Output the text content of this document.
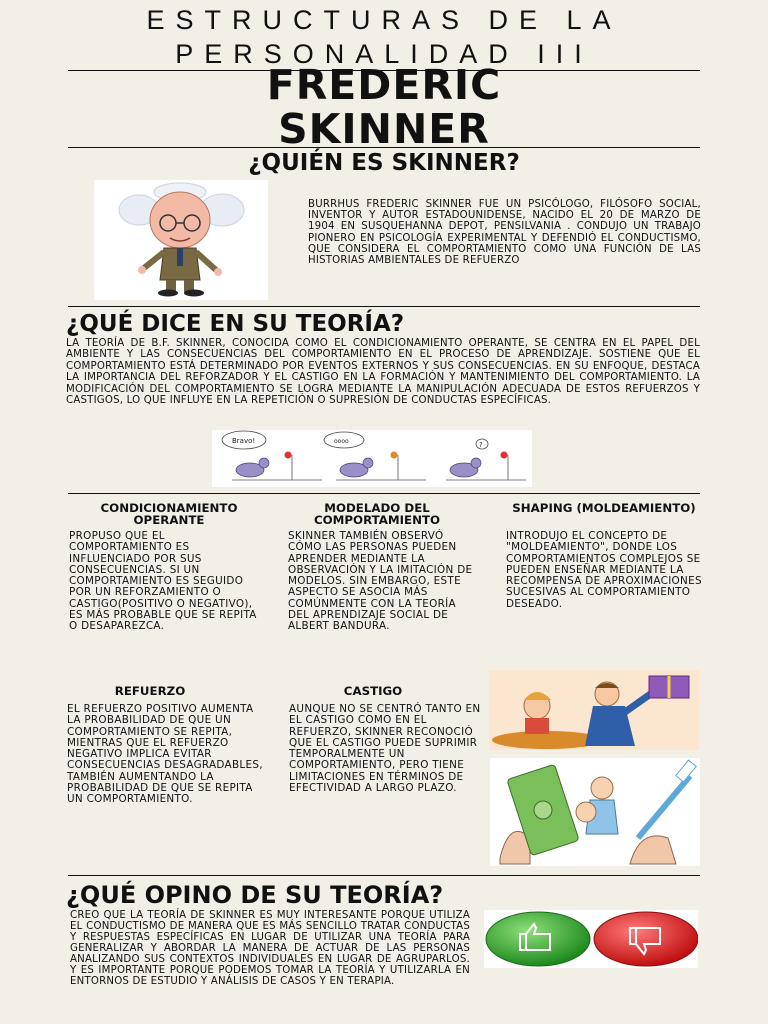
ESTRUCTURAS DE LA
PERSONALIDAD III
FREDERIC
SKINNER
¿QUIÉN ES SKINNER?
BURRHUS FREDERIC SKINNER FUE UN PSICÓLOGO, FILÓSOFO SOCIAL, INVENTOR Y AUTOR ESTADOUNIDENSE, NACIDO EL 20 DE MARZO DE 1904 EN SUSQUEHANNA DEPOT, PENSILVANIA . CONDUJO UN TRABAJO PIONERO EN PSICOLOGÍA EXPERIMENTAL Y DEFENDIÓ EL CONDUCTISMO, QUE CONSIDERA EL COMPORTAMIENTO COMO UNA FUNCIÓN DE LAS HISTORIAS AMBIENTALES DE REFUERZO
¿QUÉ DICE EN SU TEORÍA?
LA TEORÍA DE B.F. SKINNER, CONOCIDA COMO EL CONDICIONAMIENTO OPERANTE, SE CENTRA EN EL PAPEL DEL AMBIENTE Y LAS CONSECUENCIAS DEL COMPORTAMIENTO EN EL PROCESO DE APRENDIZAJE. SOSTIENE QUE EL COMPORTAMIENTO ESTÁ DETERMINADO POR EVENTOS EXTERNOS Y SUS CONSECUENCIAS. EN SU ENFOQUE, DESTACA LA IMPORTANCIA DEL REFORZADOR Y EL CASTIGO EN LA FORMACIÓN Y MANTENIMIENTO DEL COMPORTAMIENTO. LA MODIFICACIÓN DEL COMPORTAMIENTO SE LOGRA MEDIANTE LA MANIPULACIÓN ADECUADA DE ESTOS REFUERZOS Y CASTIGOS, LO QUE INFLUYE EN LA REPETICIÓN O SUPRESIÓN DE CONDUCTAS ESPECÍFICAS.
Bravo!	oooo	?
CONDICIONAMIENTO OPERANTE
PROPUSO QUE EL COMPORTAMIENTO ES INFLUENCIADO POR SUS CONSECUENCIAS. SI UN COMPORTAMIENTO ES SEGUIDO POR UN REFORZAMIENTO O CASTIGO(POSITIVO O NEGATIVO), ES MÁS PROBABLE QUE SE REPITA O DESAPAREZCA.
MODELADO DEL COMPORTAMIENTO
SKINNER TAMBIÉN OBSERVÓ CÓMO LAS PERSONAS PUEDEN APRENDER MEDIANTE LA OBSERVACIÓN Y LA IMITACIÓN DE MODELOS. SIN EMBARGO, ESTE ASPECTO SE ASOCIA MÁS COMÚNMENTE CON LA TEORÍA DEL APRENDIZAJE SOCIAL DE ALBERT BANDURA.
SHAPING (MOLDEAMIENTO)
INTRODUJO EL CONCEPTO DE "MOLDEAMIENTO", DONDE LOS COMPORTAMIENTOS COMPLEJOS SE PUEDEN ENSEÑAR MEDIANTE LA RECOMPENSA DE APROXIMACIONES SUCESIVAS AL COMPORTAMIENTO DESEADO.
REFUERZO
EL REFUERZO POSITIVO AUMENTA LA PROBABILIDAD DE QUE UN COMPORTAMIENTO SE REPITA, MIENTRAS QUE EL REFUERZO NEGATIVO IMPLICA EVITAR CONSECUENCIAS DESAGRADABLES, TAMBIÉN AUMENTANDO LA PROBABILIDAD DE QUE SE REPITA UN COMPORTAMIENTO.
CASTIGO
AUNQUE NO SE CENTRÓ TANTO EN EL CASTIGO COMO EN EL REFUERZO, SKINNER RECONOCIÓ QUE EL CASTIGO PUEDE SUPRIMIR TEMPORALMENTE UN COMPORTAMIENTO, PERO TIENE LIMITACIONES EN TÉRMINOS DE EFECTIVIDAD A LARGO PLAZO.
¿QUÉ OPINO DE SU TEORÍA?
CREO QUE LA TEORÍA DE SKINNER ES MUY INTERESANTE PORQUE UTILIZA EL CONDUCTISMO DE MANERA QUE ES MÁS SENCILLO TRATAR CONDUCTAS Y RESPUESTAS ESPECÍFICAS EN LUGAR DE UTILIZAR UNA TEORÍA PARA GENERALIZAR Y ABORDAR LA MANERA DE ACTUAR DE LAS PERSONAS ANALIZANDO SUS CONTEXTOS INDIVIDUALES EN LUGAR DE AGRUPARLOS. Y ES IMPORTANTE PORQUE PODEMOS TOMAR LA TEORÍA Y UTILIZARLA EN ENTORNOS DE ESTUDIO Y ANÁLISIS DE CASOS Y EN TERAPIA.
